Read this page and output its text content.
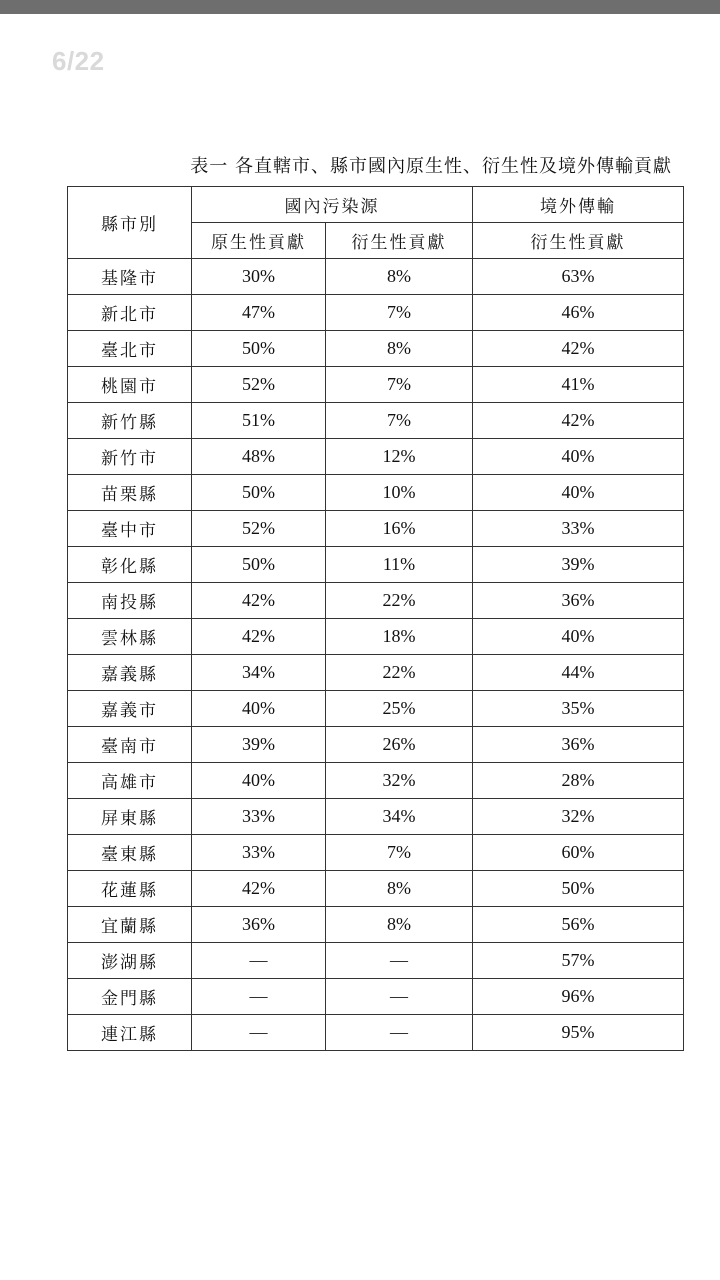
6/22
表一 各直轄市、縣市國內原生性、衍生性及境外傳輸貢獻
縣市別	國內污染源		境外傳輸
	原生性貢獻	衍生性貢獻	衍生性貢獻
基隆市	30%	8%	63%
新北市	47%	7%	46%
臺北市	50%	8%	42%
桃園市	52%	7%	41%
新竹縣	51%	7%	42%
新竹市	48%	12%	40%
苗栗縣	50%	10%	40%
臺中市	52%	16%	33%
彰化縣	50%	11%	39%
南投縣	42%	22%	36%
雲林縣	42%	18%	40%
嘉義縣	34%	22%	44%
嘉義市	40%	25%	35%
臺南市	39%	26%	36%
高雄市	40%	32%	28%
屏東縣	33%	34%	32%
臺東縣	33%	7%	60%
花蓮縣	42%	8%	50%
宜蘭縣	36%	8%	56%
澎湖縣	—	—	57%
金門縣	—	—	96%
連江縣	—	—	95%
